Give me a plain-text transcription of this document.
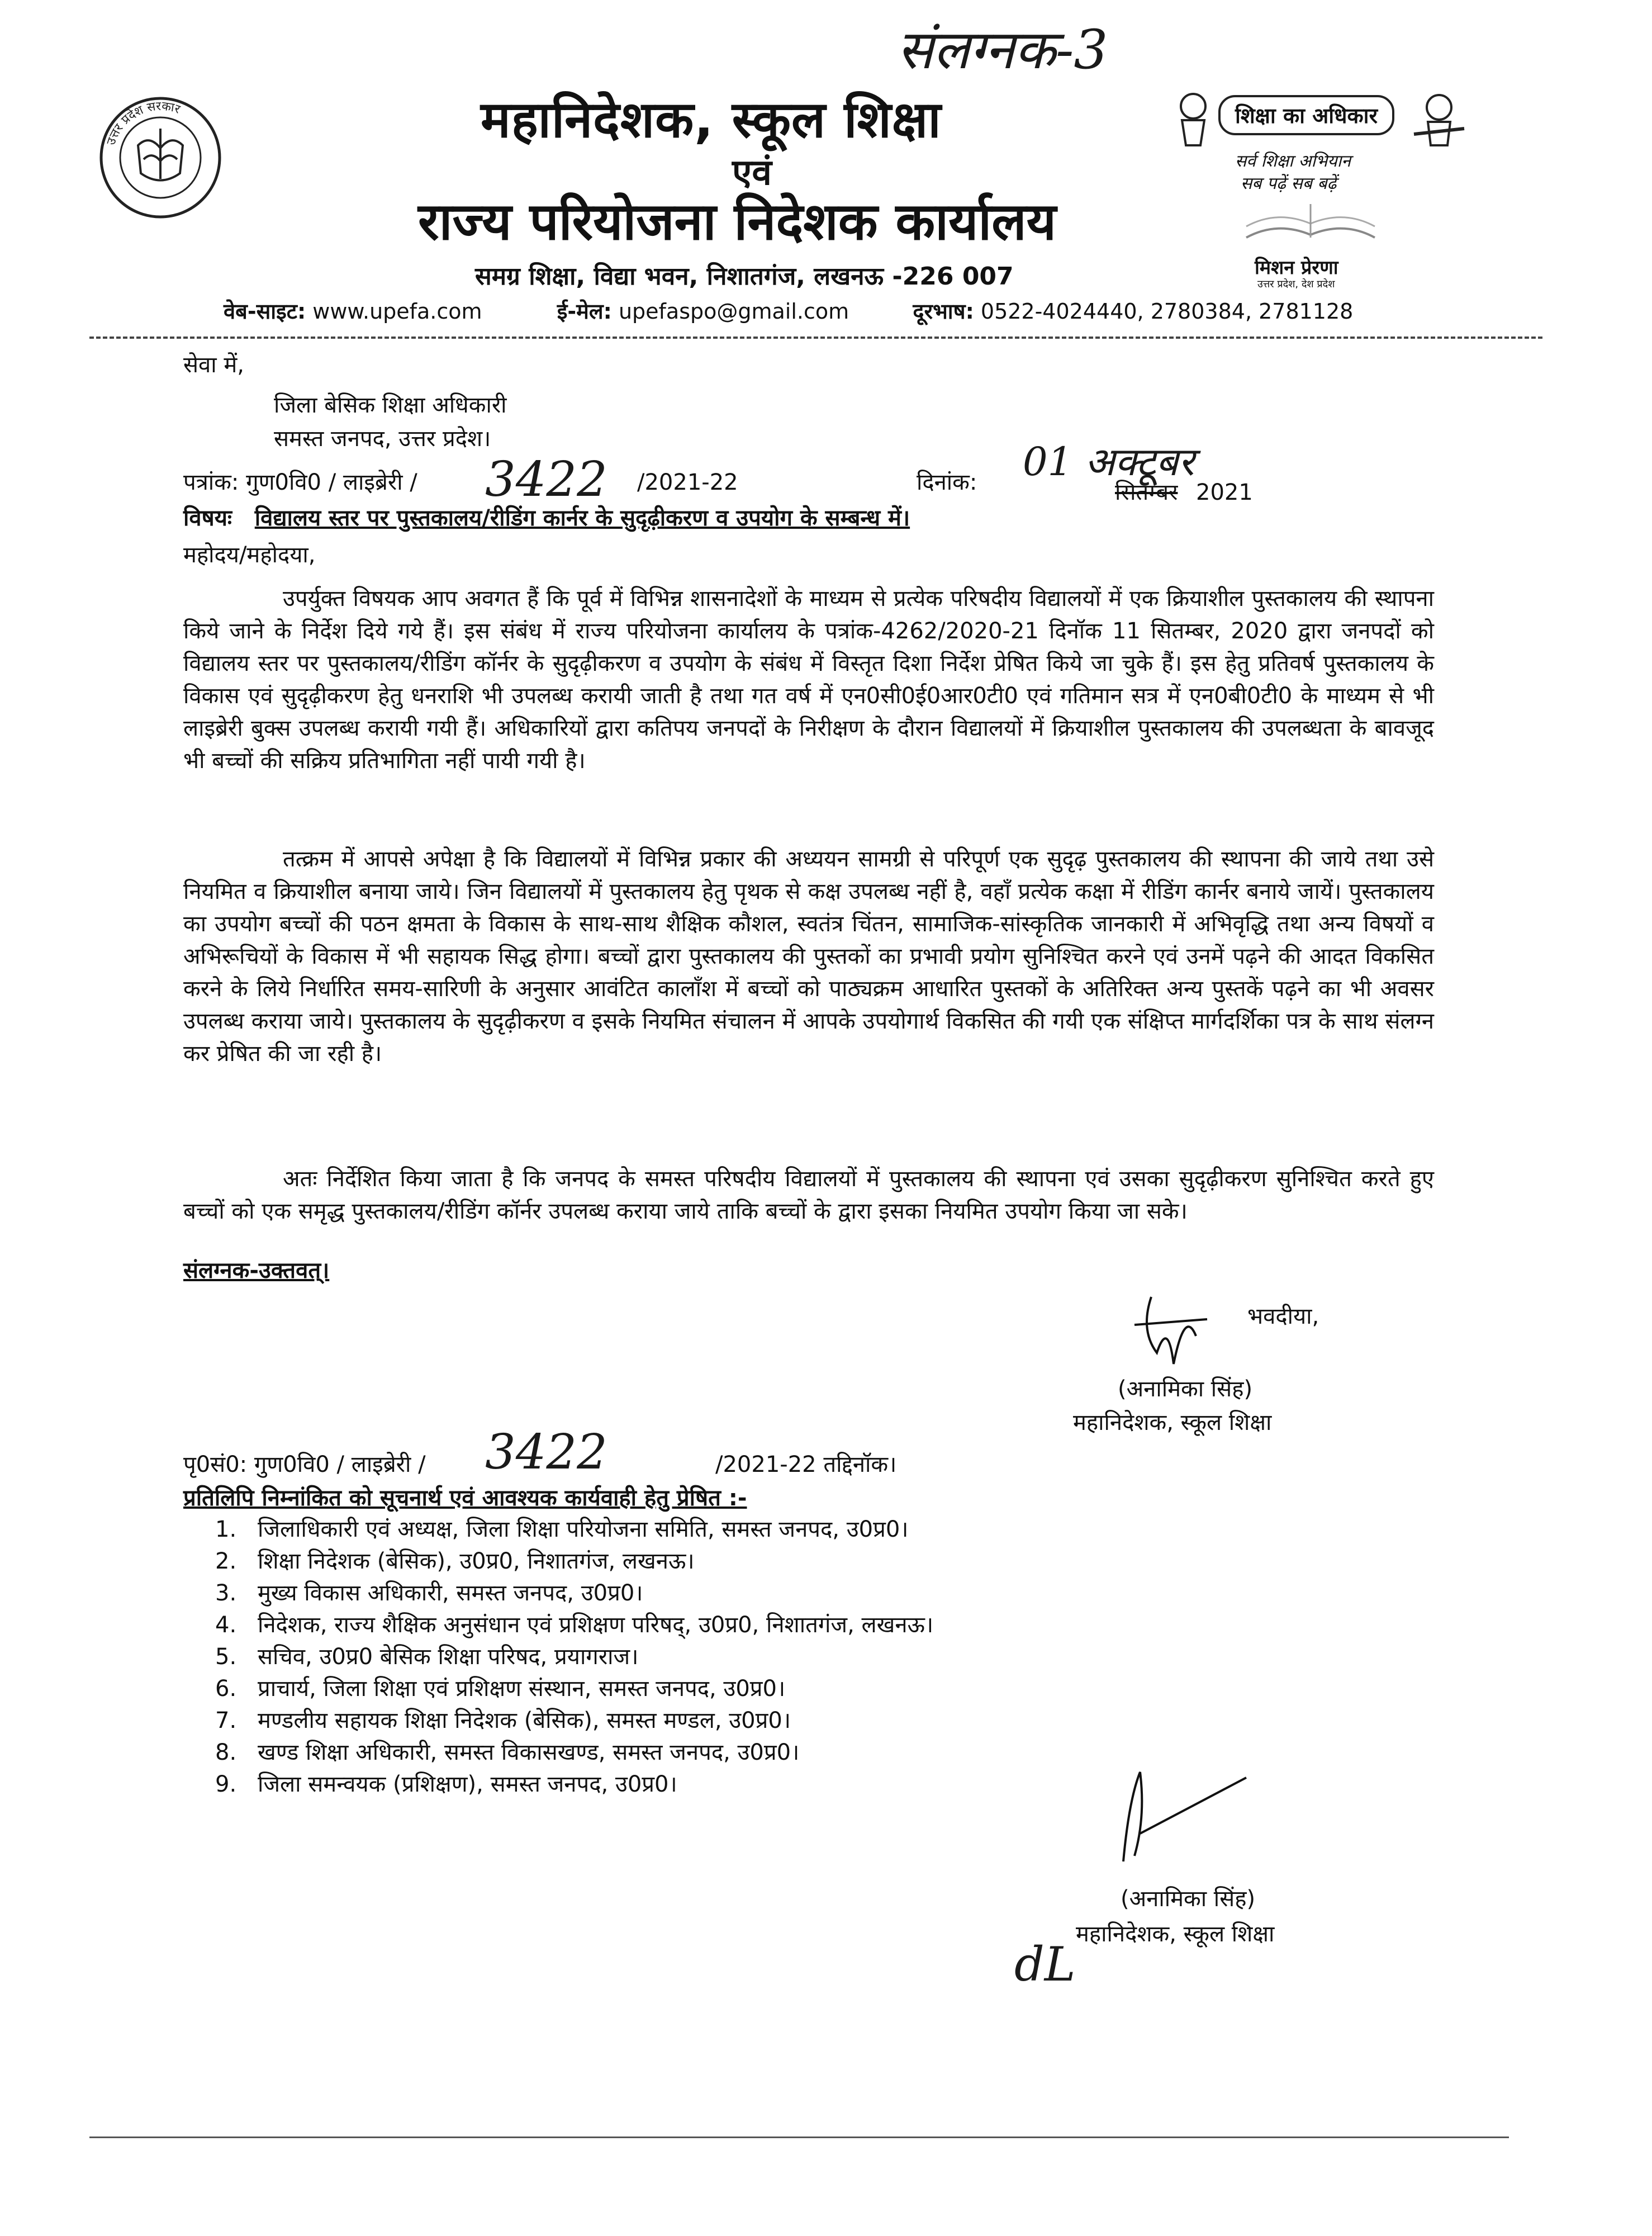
संलग्नक-3
उत्तर प्रदेश सरकार	महानिदेशक, स्कूल शिक्षा
एवं
राज्य परियोजना निदेशक कार्यालय
समग्र शिक्षा, विद्या भवन, निशातगंज, लखनऊ -226 007
वेब-साइट: www.upefa.com	ई-मेल: upefaspo@gmail.com	दूरभाष: 0522-4024440, 2780384, 2781128
शिक्षा का अधिकार
सर्व शिक्षा अभियान
सब पढ़ें सब बढ़ें
मिशन प्रेरणा
उत्तर प्रदेश, देश प्रदेश
सेवा में,
जिला बेसिक शिक्षा अधिकारी
समस्त जनपद, उत्तर प्रदेश।
पत्रांक: गुण0वि0 / लाइब्रेरी / 3422 /2021-22	दिनांक: 01 अक्टूबर
सितम्बर 2021
विषयः विद्यालय स्तर पर पुस्तकालय/रीडिंग कार्नर के सुदृढ़ीकरण व उपयोग के सम्बन्ध में।
महोदय/महोदया,
उपर्युक्त विषयक आप अवगत हैं कि पूर्व में विभिन्न शासनादेशों के माध्यम से प्रत्येक परिषदीय विद्यालयों में एक क्रियाशील पुस्तकालय की स्थापना किये जाने के निर्देश दिये गये हैं। इस संबंध में राज्य परियोजना कार्यालय के पत्रांक-4262/2020-21 दिनॉक 11 सितम्बर, 2020 द्वारा जनपदों को विद्यालय स्तर पर पुस्तकालय/रीडिंग कॉर्नर के सुदृढ़ीकरण व उपयोग के संबंध में विस्तृत दिशा निर्देश प्रेषित किये जा चुके हैं। इस हेतु प्रतिवर्ष पुस्तकालय के विकास एवं सुदृढ़ीकरण हेतु धनराशि भी उपलब्ध करायी जाती है तथा गत वर्ष में एन0सी0ई0आर0टी0 एवं गतिमान सत्र में एन0बी0टी0 के माध्यम से भी लाइब्रेरी बुक्स उपलब्ध करायी गयी हैं। अधिकारियों द्वारा कतिपय जनपदों के निरीक्षण के दौरान विद्यालयों में क्रियाशील पुस्तकालय की उपलब्धता के बावजूद भी बच्चों की सक्रिय प्रतिभागिता नहीं पायी गयी है।
तत्क्रम में आपसे अपेक्षा है कि विद्यालयों में विभिन्न प्रकार की अध्ययन सामग्री से परिपूर्ण एक सुदृढ़ पुस्तकालय की स्थापना की जाये तथा उसे नियमित व क्रियाशील बनाया जाये। जिन विद्यालयों में पुस्तकालय हेतु पृथक से कक्ष उपलब्ध नहीं है, वहाँ प्रत्येक कक्षा में रीडिंग कार्नर बनाये जायें। पुस्तकालय का उपयोग बच्चों की पठन क्षमता के विकास के साथ-साथ शैक्षिक कौशल, स्वतंत्र चिंतन, सामाजिक-सांस्कृतिक जानकारी में अभिवृद्धि तथा अन्य विषयों व अभिरूचियों के विकास में भी सहायक सिद्ध होगा। बच्चों द्वारा पुस्तकालय की पुस्तकों का प्रभावी प्रयोग सुनिश्चित करने एवं उनमें पढ़ने की आदत विकसित करने के लिये निर्धारित समय-सारिणी के अनुसार आवंटित कालाँश में बच्चों को पाठ्यक्रम आधारित पुस्तकों के अतिरिक्त अन्य पुस्तकें पढ़ने का भी अवसर उपलब्ध कराया जाये। पुस्तकालय के सुदृढ़ीकरण व इसके नियमित संचालन में आपके उपयोगार्थ विकसित की गयी एक संक्षिप्त मार्गदर्शिका पत्र के साथ संलग्न कर प्रेषित की जा रही है।
अतः निर्देशित किया जाता है कि जनपद के समस्त परिषदीय विद्यालयों में पुस्तकालय की स्थापना एवं उसका सुदृढ़ीकरण सुनिश्चित करते हुए बच्चों को एक समृद्ध पुस्तकालय/रीडिंग कॉर्नर उपलब्ध कराया जाये ताकि बच्चों के द्वारा इसका नियमित उपयोग किया जा सके।
संलग्नक-उक्तवत्।
भवदीया,
(अनामिका सिंह)
महानिदेशक, स्कूल शिक्षा
पृ0सं0: गुण0वि0 / लाइब्रेरी / 3422	/2021-22 तद्दिनॉक।
प्रतिलिपि निम्नांकित को सूचनार्थ एवं आवश्यक कार्यवाही हेतु प्रेषित :-
1. जिलाधिकारी एवं अध्यक्ष, जिला शिक्षा परियोजना समिति, समस्त जनपद, उ0प्र0।
2. शिक्षा निदेशक (बेसिक), उ0प्र0, निशातगंज, लखनऊ।
3. मुख्य विकास अधिकारी, समस्त जनपद, उ0प्र0।
4. निदेशक, राज्य शैक्षिक अनुसंधान एवं प्रशिक्षण परिषद्, उ0प्र0, निशातगंज, लखनऊ।
5. सचिव, उ0प्र0 बेसिक शिक्षा परिषद, प्रयागराज।
6. प्राचार्य, जिला शिक्षा एवं प्रशिक्षण संस्थान, समस्त जनपद, उ0प्र0।
7. मण्डलीय सहायक शिक्षा निदेशक (बेसिक), समस्त मण्डल, उ0प्र0।
8. खण्ड शिक्षा अधिकारी, समस्त विकासखण्ड, समस्त जनपद, उ0प्र0।
9. जिला समन्वयक (प्रशिक्षण), समस्त जनपद, उ0प्र0।
(अनामिका सिंह)
महानिदेशक, स्कूल शिक्षा
dL
